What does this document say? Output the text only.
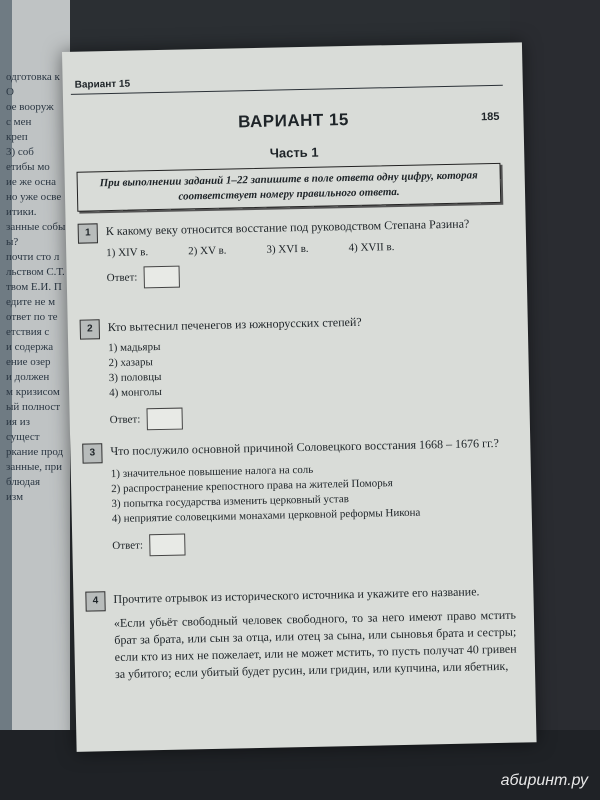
одготовка к О
ое вооруж
с мен
креп
3) соб
етибы мо
ие же осна
но уже осве
итики.
занные собы
ы?
почти сто л
льством С.Т.
твом Е.И. П
едите не м
ответ по те
етствия с
и содержа
ение озер
и должен
м кризисом
ый полност
ия из сущест
ркание прод
занные, при
блюдая
изм
Вариант 15
185
ВАРИАНТ 15
Часть 1
При выполнении заданий 1–22 запишите в поле ответа одну цифру, которая соответствует номеру правильного ответа.
1	К какому веку относится восстание под руководством Степана Разина?
1) XIV в.	2) XV в.	3) XVI в.	4) XVII в.
Ответ:
2	Кто вытеснил печенегов из южнорусских степей?
1) мадьяры
2) хазары
3) половцы
4) монголы
Ответ:
3	Что послужило основной причиной Соловецкого восстания 1668 – 1676 гг.?
1) значительное повышение налога на соль
2) распространение крепостного права на жителей Поморья
3) попытка государства изменить церковный устав
4) неприятие соловецкими монахами церковной реформы Никона
Ответ:
4	Прочтите отрывок из исторического источника и укажите его название.
«Если убьёт свободный человек свободного, то за него имеют право мстить брат за брата, или сын за отца, или отец за сына, или сыновья брата и сестры; если кто из них не пожелает, или не может мстить, то пусть получат 40 гривен за убитого; если убитый будет русин, или гридин, или купчина, или ябетник,
абиринт.ру
